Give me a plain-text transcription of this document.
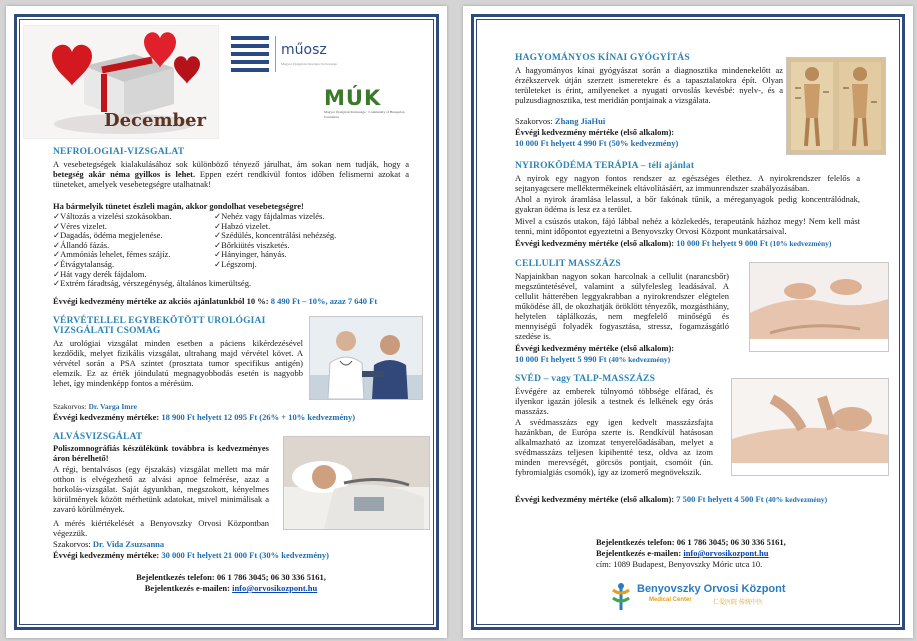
December
műosz
Magyar Újságírók Országos Szövetsége
MÚK
Magyar Újságírók Közössége · Community of Hungarian Journalists
NEFROLOGIAI-VIZSGALAT
A vesebetegségek kialakulásához sok különböző tényező járulhat, ám sokan nem tudják, hogy a betegség akár néma gyilkos is lehet. Eppen ezért rendkívül fontos időben felismerni azokat a tüneteket, amelyek vesebetegségre utalhatnak!
Ha bármelyik tünetet észleli magán, akkor gondolhat vesebetegségre!
✓ Változás a vizelési szokásokban.
✓ Véres vizelet.
✓ Dagadás, ödéma megjelenése.
✓ Állandó fázás.
✓ Ammóniás lehelet, fémes szájíz.
✓ Étvágytalanság.
✓ Hát vagy derék fájdalom.
✓ Extrém fáradtság, vérszegénység, általános kimerültség.
✓ Nehéz vagy fájdalmas vizelés.
✓ Habzó vizelet.
✓ Szédülés, koncentrálási nehézség.
✓ Bőrkiütés viszketés.
✓ Hányinger, hányás.
✓ Légszomj.
Évvégi kedvezmény mértéke az akciós ajánlatunkból 10 %: 8 490 Ft – 10%, azaz 7 640 Ft
VÉRVÉTELLEL EGYBEKÖTÖTT UROLÓGIAI
VIZSGÁLATI CSOMAG
Az urológiai vizsgálat minden esetben a páciens kikérdezésével kezdődik, melyet fizikális vizsgálat, ultrahang majd vérvétel követ. A vérvétel során a PSA szintet (prosztata tumor specifikus antigén) elemzik. Ez az érték jóindulatú megnagyobbodás esetén is nagyobb lehet, így mindenképp fontos a mérésüm.
Szakorvos: Dr. Varga Imre
Évvégi kedvezmény mértéke: 18 900 Ft helyett 12 095 Ft (26% + 10% kedvezmény)
ALVÁSVIZSGÁLAT
Poliszomnográfiás készülékünk továbbra is kedvezményes áron bérelhető!
A régi, bentalvásos (egy éjszakás) vizsgálat mellett ma már otthon is elvégezhető az alvási apnoe felmérése, azaz a horkolás-vizsgálat. Saját ágyunkban, megszokott, kényelmes körülmények között mérhetünk adatokat, mivel minimálisak a zavaró körülmények.
A mérés kiértékelését a Benyovszky Orvosi Központban végezzük.
Szakorvos: Dr. Vida Zsuzsanna
Évvégi kedvezmény mértéke: 30 000 Ft helyett 21 000 Ft (30% kedvezmény)
Bejelentkezés telefon: 06 1 786 3045; 06 30 336 5161,
Bejelentkezés e-mailen: info@orvosikozpont.hu
HAGYOMÁNYOS KÍNAI GYÓGYÍTÁS
A hagyományos kínai gyógyászat során a diagnosztika mindenekelőtt az érzékszervek útján szerzett ismeretekre és a tapasztalatokra épít. Olyan területeket is érint, amilyeneket a nyugati orvoslás kevésbé: nyelv-, és a pulzusdiagnosztika, test meridián pontjainak a vizsgálata.
Szakorvos: Zhang JiaHui
Évvégi kedvezmény mértéke (első alkalom):
10 000 Ft helyett 4 990 Ft (50% kedvezmény)
NYIROKÖDÉMA TERÁPIA – téli ajánlat
A nyirok egy nagyon fontos rendszer az egészséges élethez. A nyirokrendszer felelős a sejtanyagcsere melléktermékeinek eltávolításáért, az immunrendszer szabályozásában.
Ahol a nyirok áramlása lelassul, a bőr fakónak tűnik, a méreganyagok pedig koncentrálódnak, gyakran ödéma is lesz ez a terület.
Mivel a csúszós utakon, fájó lábbal nehéz a közlekedés, terapeutánk házhoz megy! Nem kell mást tenni, mint időpontot egyeztetni a Benyovszky Orvosi Központ munkatársaival.
Évvégi kedvezmény mértéke (első alkalom): 10 000 Ft helyett 9 000 Ft (10% kedvezmény)
CELLULIT MASSZÁZS
Napjainkban nagyon sokan harcolnak a cellulit (narancsbőr) megszüntetésével, valamint a súlyfelesleg leadásával. A cellulit hátterében leggyakrabban a nyirokrendszer elégtelen működése áll, de okozhatják öröklött tényezők, mozgásthiány, helytelen táplálkozás, nem megfelelő minőségű és mennyiségű folyadék fogyasztása, stressz, fogamzásgátló szedése is.
Évvégi kedvezmény mértéke (első alkalom):
10 000 Ft helyett 5 990 Ft (40% kedvezmény)
SVÉD – vagy TALP-MASSZÁZS
Évvégére az emberek túlnyomó többsége elfárad, és ilyenkor igazán jólesik a testnek és lelkének egy órás masszázs.
A svédmasszázs egy igen kedvelt masszázsfajta hazánkban, de Európa szerte is. Rendkívül hatásosan alkalmazható az izomzat tenyerelőadásában, melyet a svédmasszázs teljesen kipihentté tesz, oldva az izom minden merevségét, görcsös pontjait, csomóit (ún. fybromialgiás csomók), így az izomerő megnövekszik.
Évvégi kedvezmény mértéke (első alkalom): 7 500 Ft helyett 4 500 Ft (40% kedvezmény)
Bejelentkezés telefon: 06 1 786 3045; 06 30 336 5161,
Bejelentkezés e-mailen: info@orvosikozpont.hu
cím: 1089 Budapest, Benyovszky Móric utca 10.
Benyovszky Orvosi Központ
Medical Center	仁爱医院 传统中医
